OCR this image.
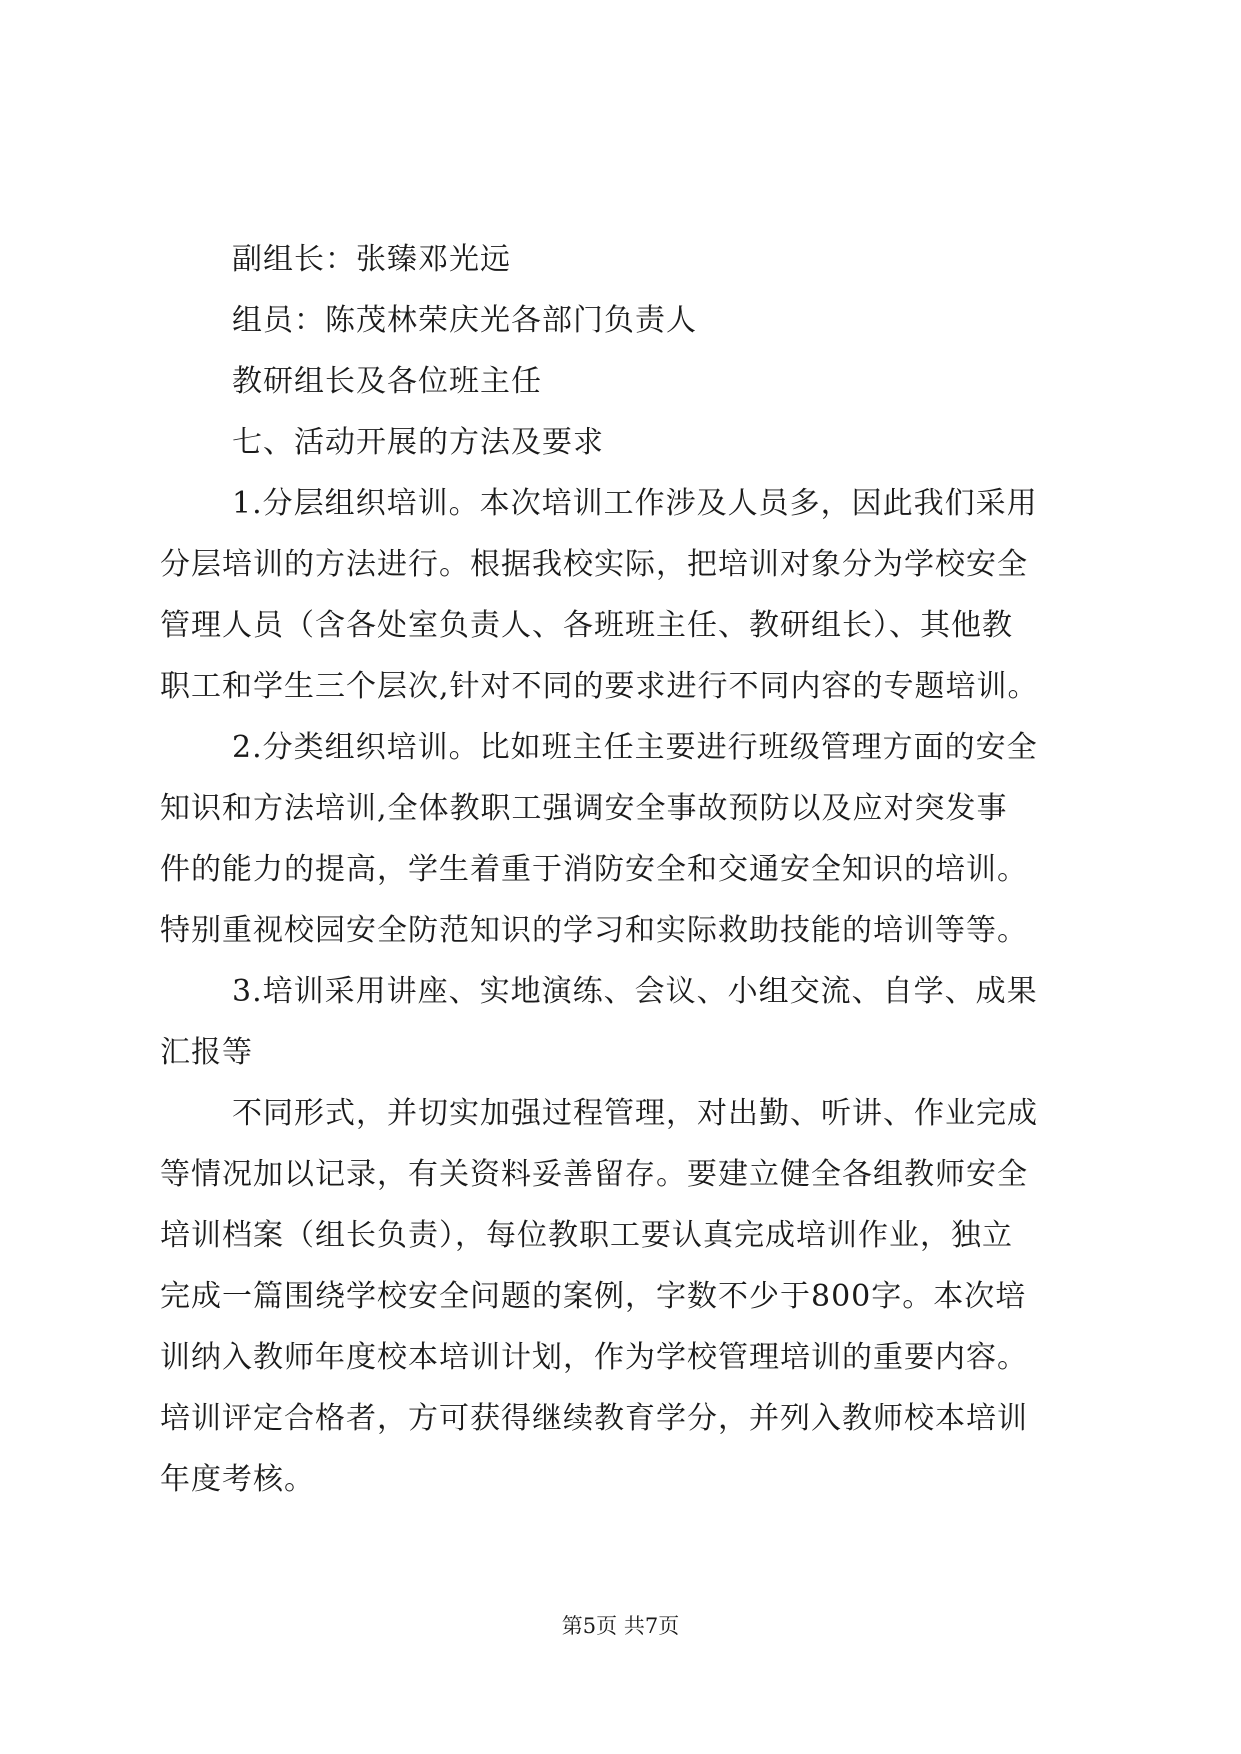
副组长：张臻邓光远
组员：陈茂林荣庆光各部门负责人
教研组长及各位班主任
七、活动开展的方法及要求
1.分层组织培训。本次培训工作涉及人员多，因此我们采用
分层培训的方法进行。根据我校实际，把培训对象分为学校安全
管理人员（含各处室负责人、各班班主任、教研组长）、其他教
职工和学生三个层次,针对不同的要求进行不同内容的专题培训。
2.分类组织培训。比如班主任主要进行班级管理方面的安全
知识和方法培训,全体教职工强调安全事故预防以及应对突发事
件的能力的提高，学生着重于消防安全和交通安全知识的培训。
特别重视校园安全防范知识的学习和实际救助技能的培训等等。
3.培训采用讲座、实地演练、会议、小组交流、自学、成果
汇报等
不同形式，并切实加强过程管理，对出勤、听讲、作业完成
等情况加以记录，有关资料妥善留存。要建立健全各组教师安全
培训档案（组长负责），每位教职工要认真完成培训作业，独立
完成一篇围绕学校安全问题的案例，字数不少于800字。本次培
训纳入教师年度校本培训计划，作为学校管理培训的重要内容。
培训评定合格者，方可获得继续教育学分，并列入教师校本培训
年度考核。
第5页 共7页
